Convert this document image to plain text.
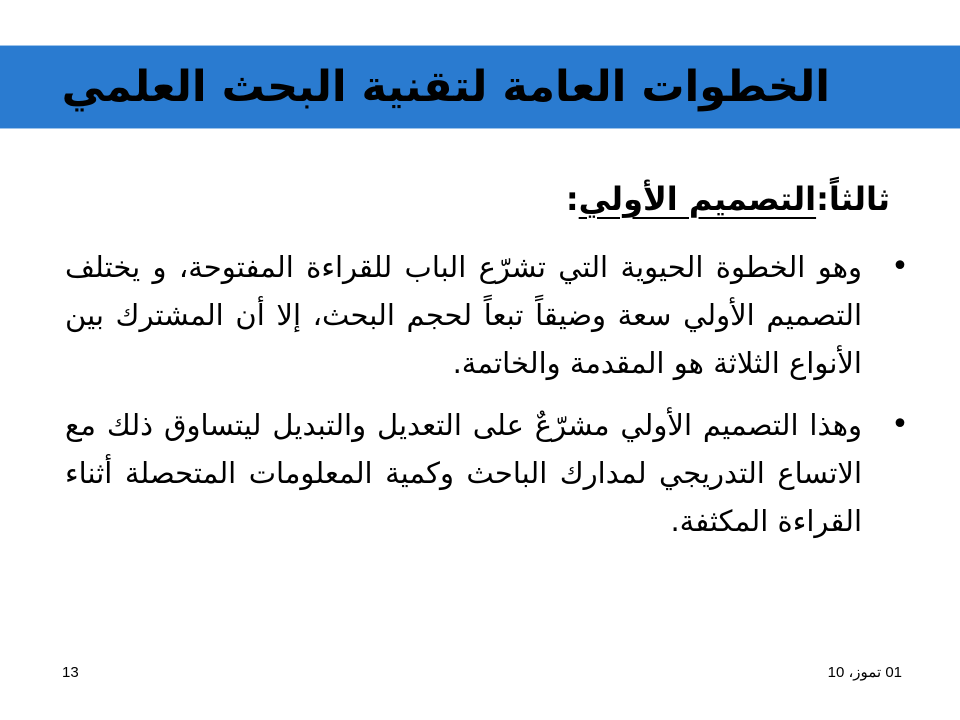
الخطوات العامة لتقنية البحث العلمي
ثالثاً:التصميم الأولي:
•
وهو الخطوة الحيوية التي تشرّع الباب للقراءة المفتوحة، و يختلف التصميم الأولي سعة وضيقاً تبعاً لحجم البحث، إلا أن المشترك بين الأنواع الثلاثة هو المقدمة والخاتمة.
•
وهذا التصميم الأولي مشرّعٌ على التعديل والتبديل ليتساوق ذلك مع الاتساع التدريجي لمدارك الباحث وكمية المعلومات المتحصلة أثناء القراءة المكثفة.
01 تموز، 10
13
